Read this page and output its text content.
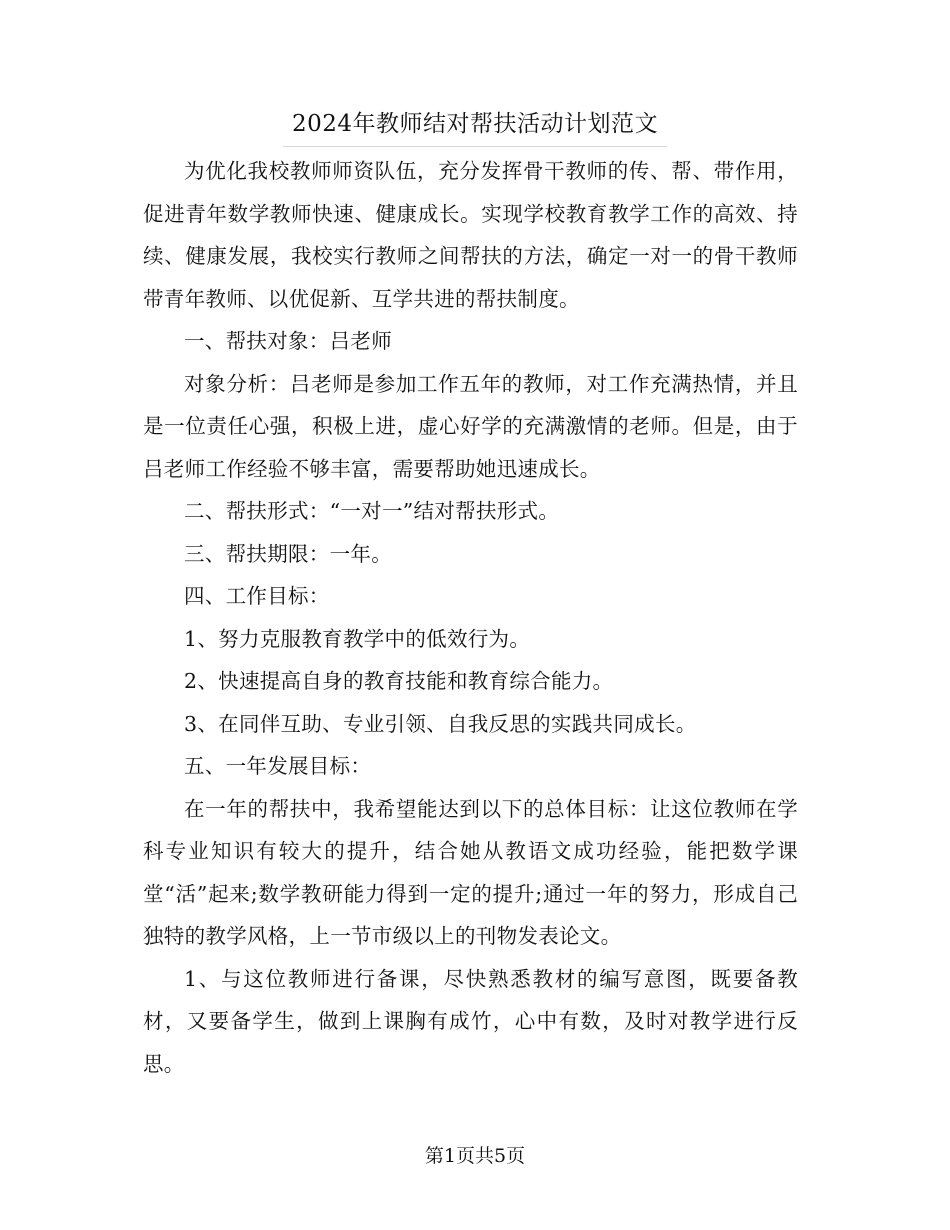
2024年教师结对帮扶活动计划范文

为优化我校教师师资队伍，充分发挥骨干教师的传、帮、带作用，促进青年数学教师快速、健康成长。实现学校教育教学工作的高效、持续、健康发展，我校实行教师之间帮扶的方法，确定一对一的骨干教师带青年教师、以优促新、互学共进的帮扶制度。

一、帮扶对象：吕老师

对象分析：吕老师是参加工作五年的教师，对工作充满热情，并且是一位责任心强，积极上进，虚心好学的充满激情的老师。但是，由于吕老师工作经验不够丰富，需要帮助她迅速成长。

二、帮扶形式：“一对一”结对帮扶形式。

三、帮扶期限：一年。

四、工作目标：

1、努力克服教育教学中的低效行为。

2、快速提高自身的教育技能和教育综合能力。

3、在同伴互助、专业引领、自我反思的实践共同成长。

五、一年发展目标：

在一年的帮扶中，我希望能达到以下的总体目标：让这位教师在学科专业知识有较大的提升，结合她从教语文成功经验，能把数学课堂“活”起来;数学教研能力得到一定的提升;通过一年的努力，形成自己独特的教学风格，上一节市级以上的刊物发表论文。

1、与这位教师进行备课，尽快熟悉教材的编写意图，既要备教材，又要备学生，做到上课胸有成竹，心中有数，及时对教学进行反思。

第1页共5页
